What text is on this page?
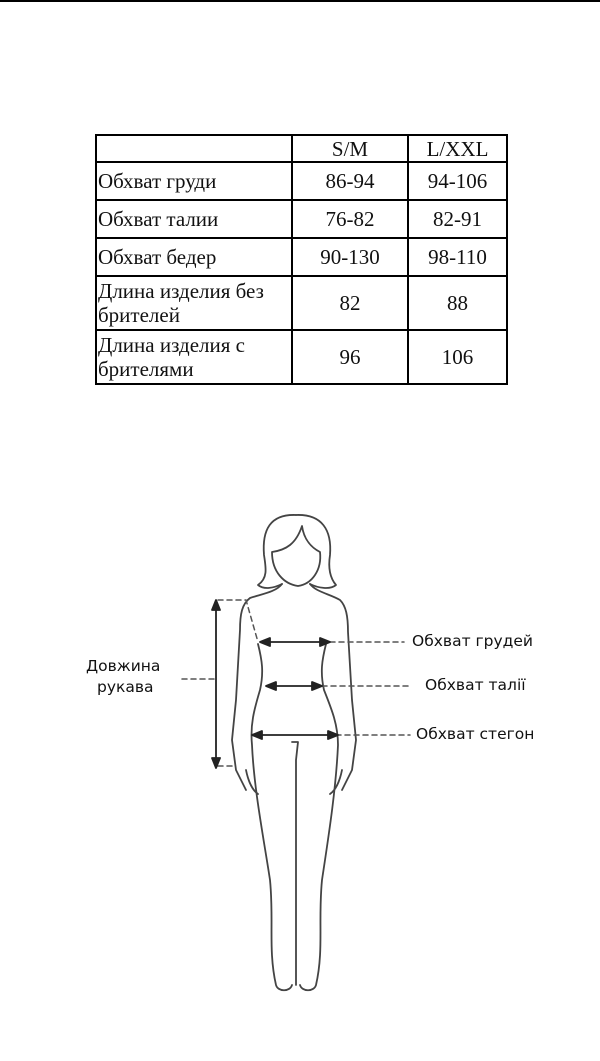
	S/M	L/XXL
Обхват груди	86-94	94-106
Обхват талии	76-82	82-91
Обхват бедер	90-130	98-110
Длина изделия без брителей	82	88
Длина изделия с брителями	96	106
Довжина
рукава
Обхват грудей
Обхват талії
Обхват стегон
